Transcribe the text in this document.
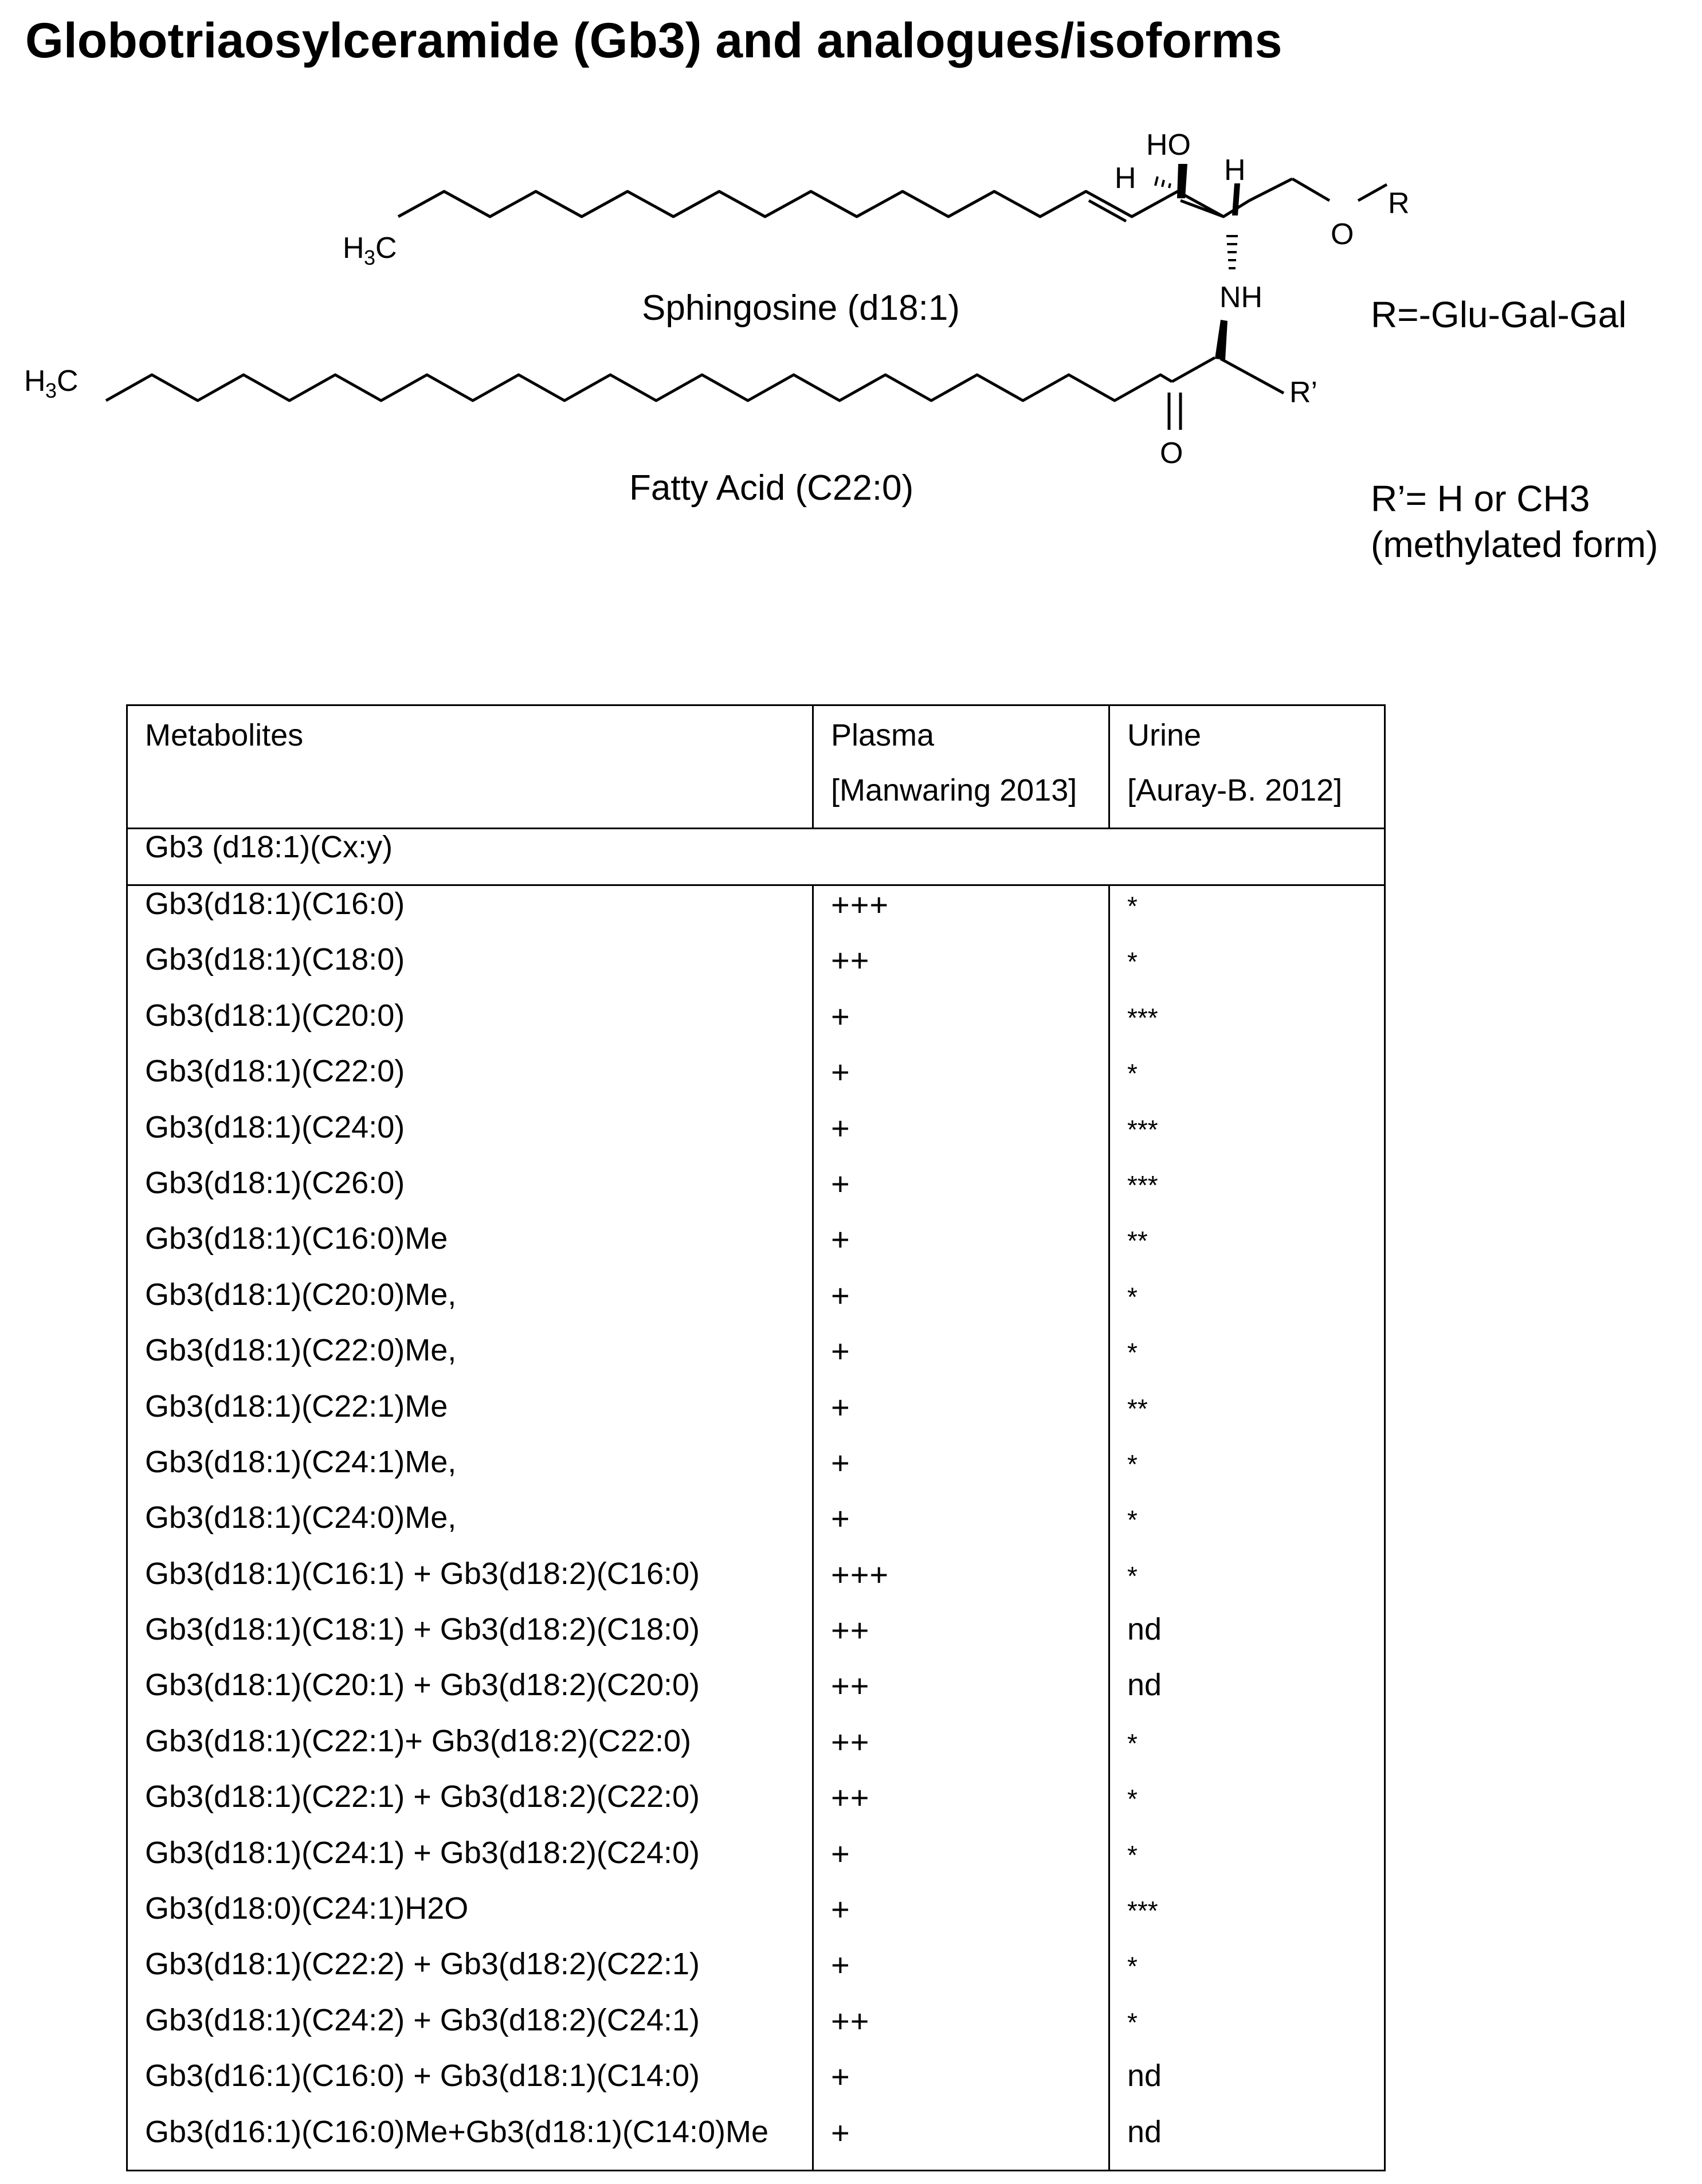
Globotriaosylceramide (Gb3) and analogues/isoforms
H 3 C
H 3 C
HO
H	H
NH
O
R
O
R’
Sphingosine (d18:1)
Fatty Acid (C22:0)
R=-Glu-Gal-Gal
R’= H or CH3
(methylated form)
Metabolites	Plasma	Urine
	[Manwaring 2013]	[Auray-B. 2012]
Gb3 (d18:1)(Cx:y)		
Gb3(d18:1)(C16:0)	+++	*
Gb3(d18:1)(C18:0)	++	*
Gb3(d18:1)(C20:0)	+	***
Gb3(d18:1)(C22:0)	+	*
Gb3(d18:1)(C24:0)	+	***
Gb3(d18:1)(C26:0)	+	***
Gb3(d18:1)(C16:0)Me	+	**
Gb3(d18:1)(C20:0)Me,	+	*
Gb3(d18:1)(C22:0)Me,	+	*
Gb3(d18:1)(C22:1)Me	+	**
Gb3(d18:1)(C24:1)Me,	+	*
Gb3(d18:1)(C24:0)Me,	+	*
Gb3(d18:1)(C16:1) + Gb3(d18:2)(C16:0)	+++	*
Gb3(d18:1)(C18:1) + Gb3(d18:2)(C18:0)	++	nd
Gb3(d18:1)(C20:1) + Gb3(d18:2)(C20:0)	++	nd
Gb3(d18:1)(C22:1)+ Gb3(d18:2)(C22:0)	++	*
Gb3(d18:1)(C22:1) + Gb3(d18:2)(C22:0)	++	*
Gb3(d18:1)(C24:1) + Gb3(d18:2)(C24:0)	+	*
Gb3(d18:0)(C24:1)H2O	+	***
Gb3(d18:1)(C22:2) + Gb3(d18:2)(C22:1)	+	*
Gb3(d18:1)(C24:2) + Gb3(d18:2)(C24:1)	++	*
Gb3(d16:1)(C16:0) + Gb3(d18:1)(C14:0)	+	nd
Gb3(d16:1)(C16:0)Me+Gb3(d18:1)(C14:0)Me	+	nd
